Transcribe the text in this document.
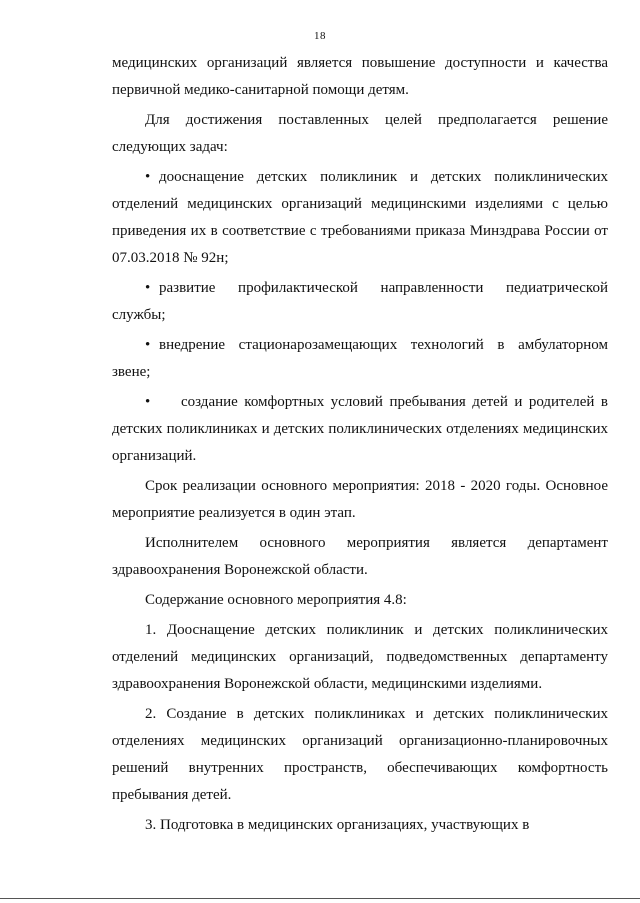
18

медицинских организаций является повышение доступности и качества первичной медико-санитарной помощи детям.

Для достижения поставленных целей предполагается решение следующих задач:

• доoснащение детских поликлиник и детских поликлинических отделений медицинских организаций медицинскими изделиями с целью приведения их в соответствие с требованиями приказа Минздрава России от 07.03.2018 № 92н;

• развитие профилактической направленности педиатрической службы;

• внедрение стационарозамещающих технологий в амбулаторном звене;

• создание комфортных условий пребывания детей и родителей в детских поликлиниках и детских поликлинических отделениях медицинских организаций.

Срок реализации основного мероприятия: 2018 - 2020 годы. Основное мероприятие реализуется в один этап.

Исполнителем основного мероприятия является департамент здравоохранения Воронежской области.

Содержание основного мероприятия 4.8:

1. Дооснащение детских поликлиник и детских поликлинических отделений медицинских организаций, подведомственных департаменту здравоохранения Воронежской области, медицинскими изделиями.

2. Создание в детских поликлиниках и детских поликлинических отделениях медицинских организаций организационно-планировочных решений внутренних пространств, обеспечивающих комфортность пребывания детей.

3. Подготовка в медицинских организациях, участвующих в
